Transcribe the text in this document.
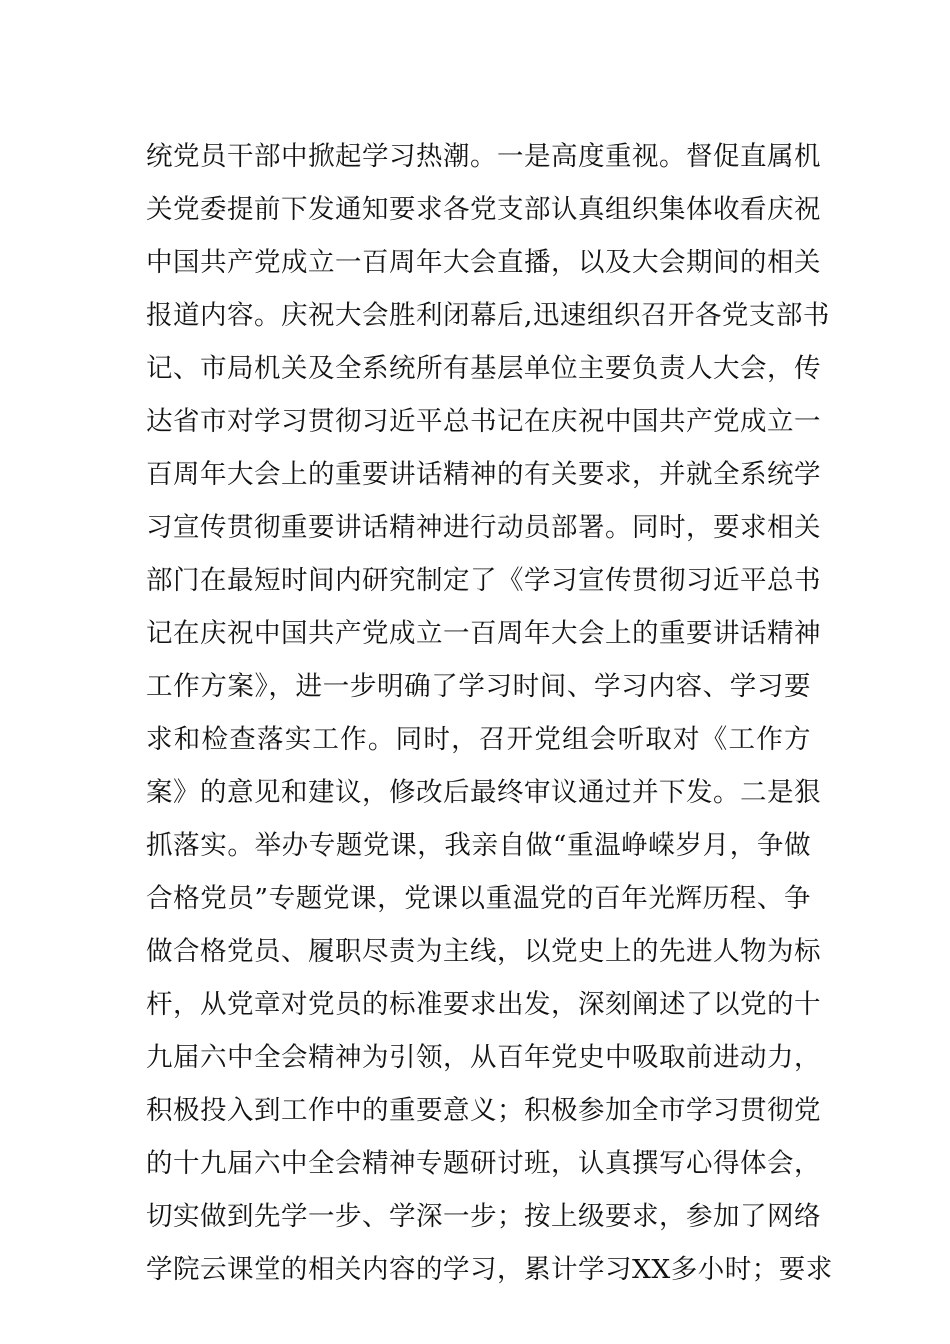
统党员干部中掀起学习热潮。一是高度重视。督促直属机
关党委提前下发通知要求各党支部认真组织集体收看庆祝
中国共产党成立一百周年大会直播，以及大会期间的相关
报道内容。庆祝大会胜利闭幕后,迅速组织召开各党支部书
记、市局机关及全系统所有基层单位主要负责人大会，传
达省市对学习贯彻习近平总书记在庆祝中国共产党成立一
百周年大会上的重要讲话精神的有关要求，并就全系统学
习宣传贯彻重要讲话精神进行动员部署。同时，要求相关
部门在最短时间内研究制定了《学习宣传贯彻习近平总书
记在庆祝中国共产党成立一百周年大会上的重要讲话精神
工作方案》，进一步明确了学习时间、学习内容、学习要
求和检查落实工作。同时，召开党组会听取对《工作方
案》的意见和建议，修改后最终审议通过并下发。二是狠
抓落实。举办专题党课，我亲自做“重温峥嵘岁月，争做
合格党员”专题党课，党课以重温党的百年光辉历程、争
做合格党员、履职尽责为主线，以党史上的先进人物为标
杆，从党章对党员的标准要求出发，深刻阐述了以党的十
九届六中全会精神为引领，从百年党史中吸取前进动力，
积极投入到工作中的重要意义；积极参加全市学习贯彻党
的十九届六中全会精神专题研讨班，认真撰写心得体会，
切实做到先学一步、学深一步；按上级要求，参加了网络
学院云课堂的相关内容的学习，累计学习XX多小时；要求
